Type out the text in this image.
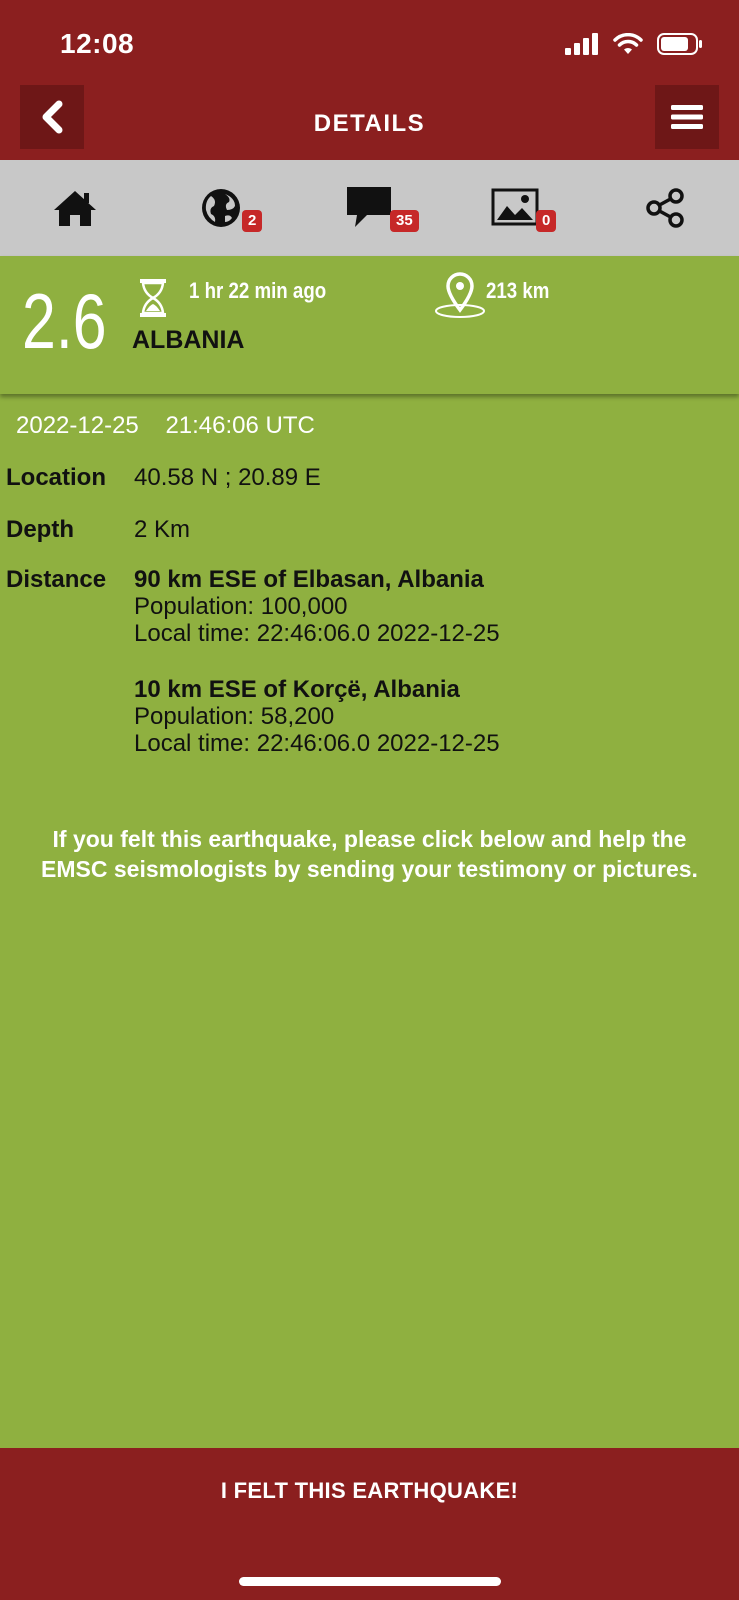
12:08
DETAILS
2	35	0
2.6	1 hr 22 min ago	213 km
ALBANIA
2022-12-25 21:46:06 UTC
Location 40.58 N ; 20.89 E
Depth	2 Km
Distance 90 km ESE of Elbasan, Albania
Population: 100,000
Local time: 22:46:06.0 2022-12-25
10 km ESE of Korçë, Albania
Population: 58,200
Local time: 22:46:06.0 2022-12-25
If you felt this earthquake, please click below and help the
EMSC seismologists by sending your testimony or pictures.
I FELT THIS EARTHQUAKE!
